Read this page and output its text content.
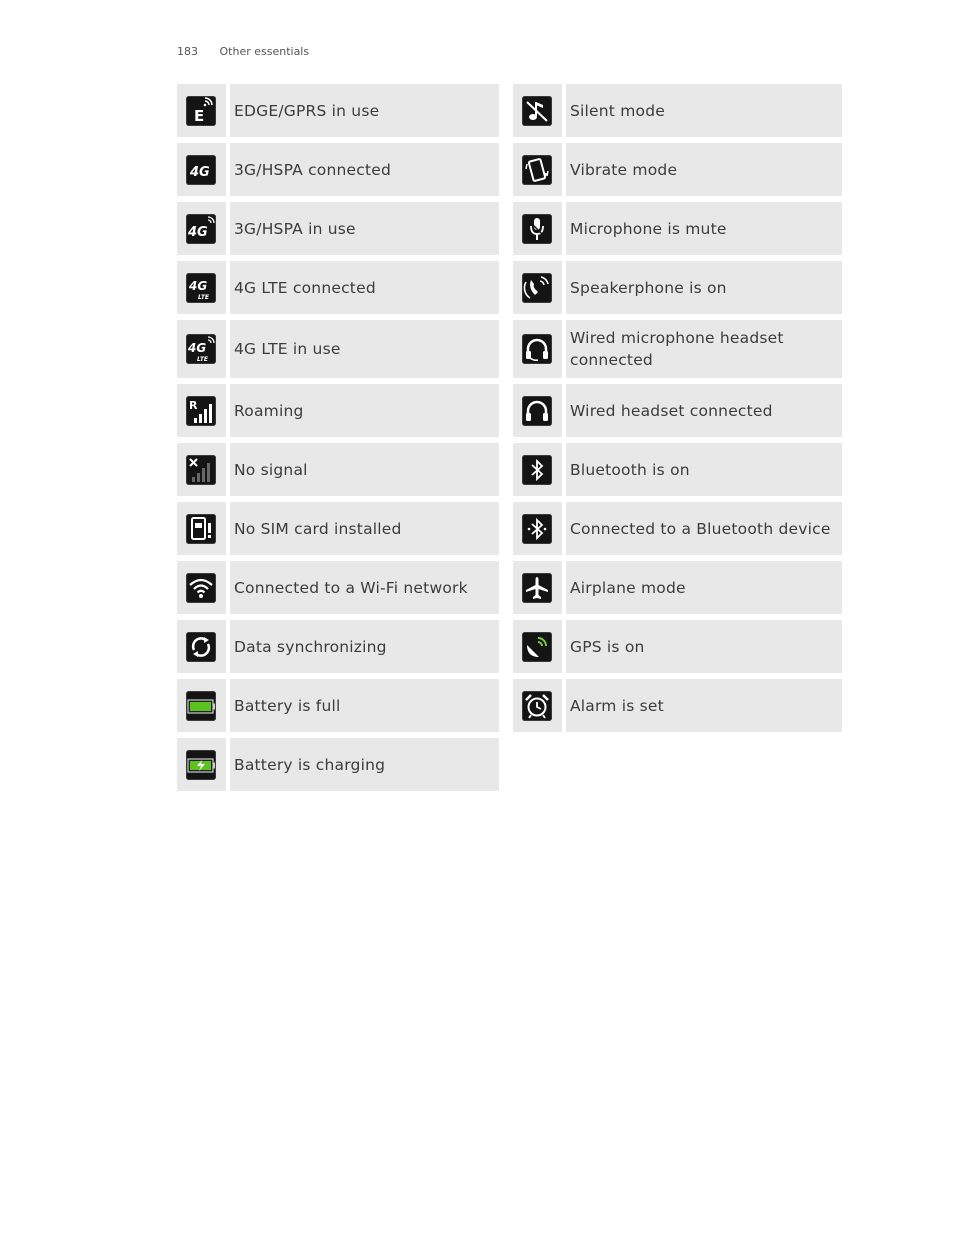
183 Other essentials
E EDGE/GPRS in use
4G 3G/HSPA connected
4G 3G/HSPA in use
4G
LTE
4G LTE connected
4G
LTE
4G LTE in use
R Roaming
No signal
No SIM card installed
Connected to a Wi-Fi network
Data synchronizing
Battery is full
Battery is charging
Silent mode
Vibrate mode
Microphone is mute
Speakerphone is on
Wired microphone headset connected
Wired headset connected
Bluetooth is on
Connected to a Bluetooth device
Airplane mode
GPS is on
Alarm is set
